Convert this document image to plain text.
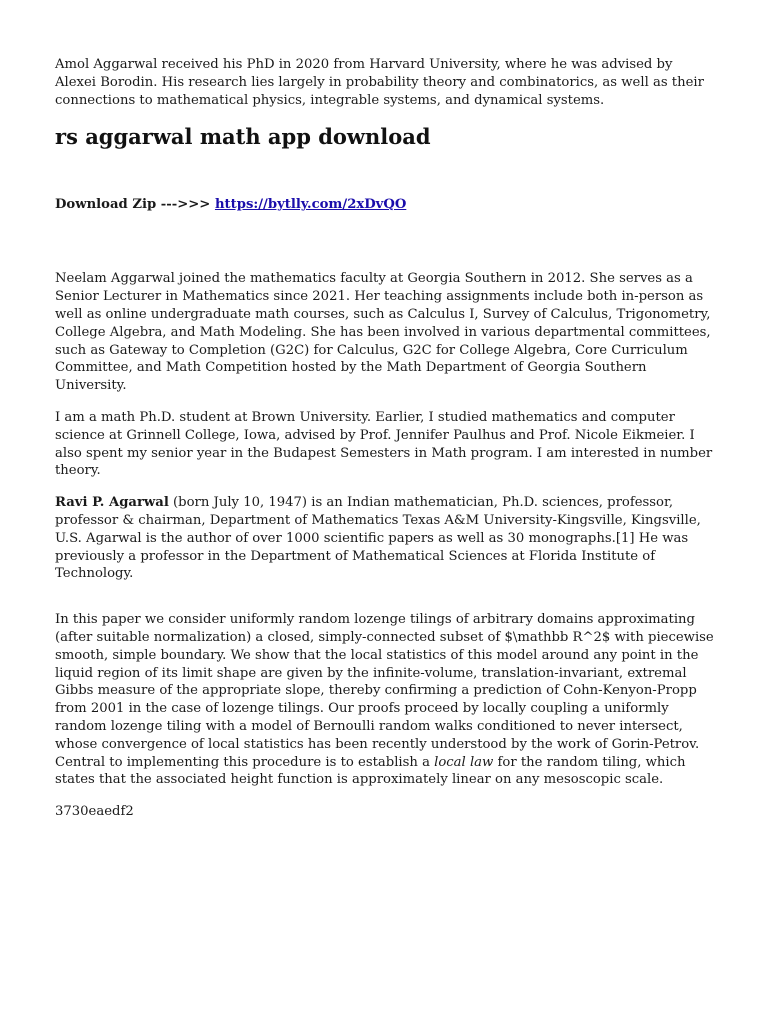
Amol Aggarwal received his PhD in 2020 from Harvard University, where he was advised by Alexei Borodin. His research lies largely in probability theory and combinatorics, as well as their connections to mathematical physics, integrable systems, and dynamical systems.

rs aggarwal math app download

Download Zip --->>> https://bytlly.com/2xDvQO

Neelam Aggarwal joined the mathematics faculty at Georgia Southern in 2012. She serves as a Senior Lecturer in Mathematics since 2021. Her teaching assignments include both in-person as well as online undergraduate math courses, such as Calculus I, Survey of Calculus, Trigonometry, College Algebra, and Math Modeling. She has been involved in various departmental committees, such as Gateway to Completion (G2C) for Calculus, G2C for College Algebra, Core Curriculum Committee, and Math Competition hosted by the Math Department of Georgia Southern University.

I am a math Ph.D. student at Brown University. Earlier, I studied mathematics and computer science at Grinnell College, Iowa, advised by Prof. Jennifer Paulhus and Prof. Nicole Eikmeier. I also spent my senior year in the Budapest Semesters in Math program. I am interested in number theory.

Ravi P. Agarwal (born July 10, 1947) is an Indian mathematician, Ph.D. sciences, professor, professor & chairman, Department of Mathematics Texas A&M University-Kingsville, Kingsville, U.S. Agarwal is the author of over 1000 scientific papers as well as 30 monographs.[1] He was previously a professor in the Department of Mathematical Sciences at Florida Institute of Technology.

In this paper we consider uniformly random lozenge tilings of arbitrary domains approximating (after suitable normalization) a closed, simply-connected subset of $\mathbb R^2$ with piecewise smooth, simple boundary. We show that the local statistics of this model around any point in the liquid region of its limit shape are given by the infinite-volume, translation-invariant, extremal Gibbs measure of the appropriate slope, thereby confirming a prediction of Cohn-Kenyon-Propp from 2001 in the case of lozenge tilings. Our proofs proceed by locally coupling a uniformly random lozenge tiling with a model of Bernoulli random walks conditioned to never intersect, whose convergence of local statistics has been recently understood by the work of Gorin-Petrov. Central to implementing this procedure is to establish a local law for the random tiling, which states that the associated height function is approximately linear on any mesoscopic scale.

3730eaedf2
